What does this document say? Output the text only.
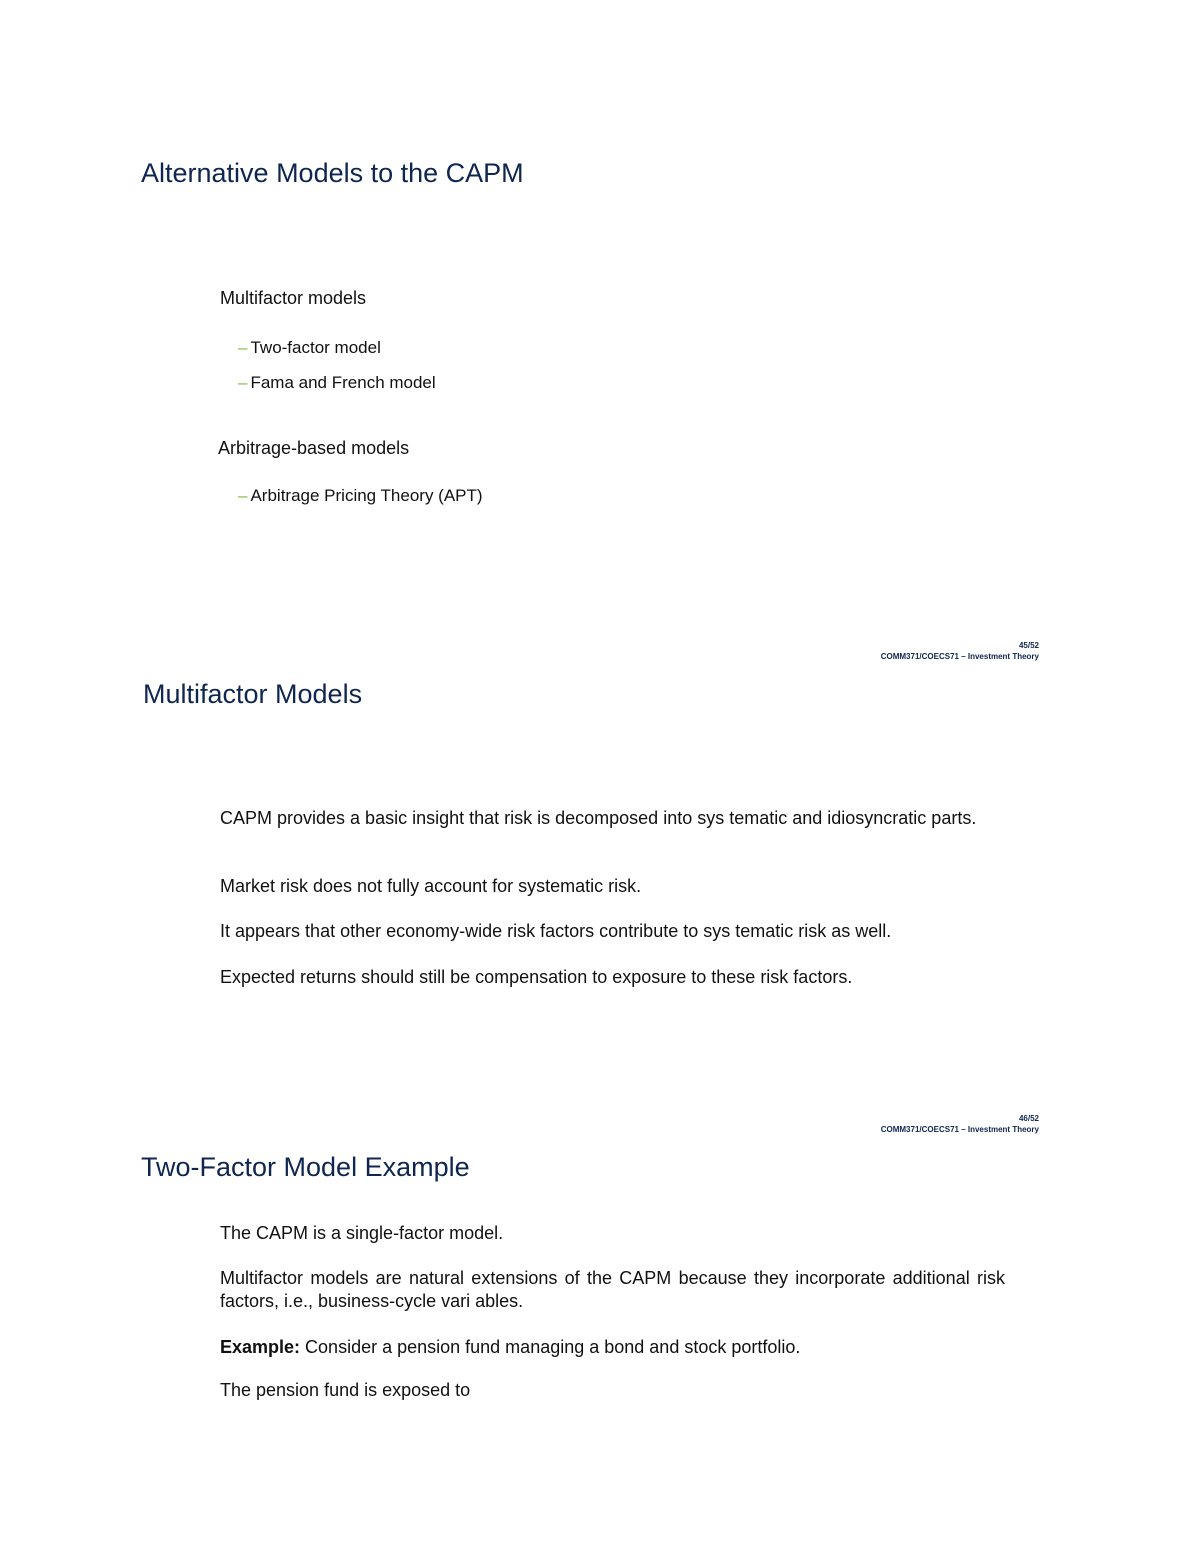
Alternative Models to the CAPM
Multifactor models
– Two-factor model
– Fama and French model
Arbitrage-based models
– Arbitrage Pricing Theory (APT)
45/52
COMM371/COECS71 – Investment Theory
Multifactor Models

CAPM provides a basic insight that risk is decomposed into sys tematic and idiosyncratic parts.

Market risk does not fully account for systematic risk.

It appears that other economy-wide risk factors contribute to sys tematic risk as well.

Expected returns should still be compensation to exposure to these risk factors.

46/52
COMM371/COECS71 – Investment Theory
Two-Factor Model Example

The CAPM is a single-factor model.

Multifactor models are natural extensions of the CAPM because they incorporate additional risk factors, i.e., business-cycle vari ables.

Example: Consider a pension fund managing a bond and stock portfolio.

The pension fund is exposed to
